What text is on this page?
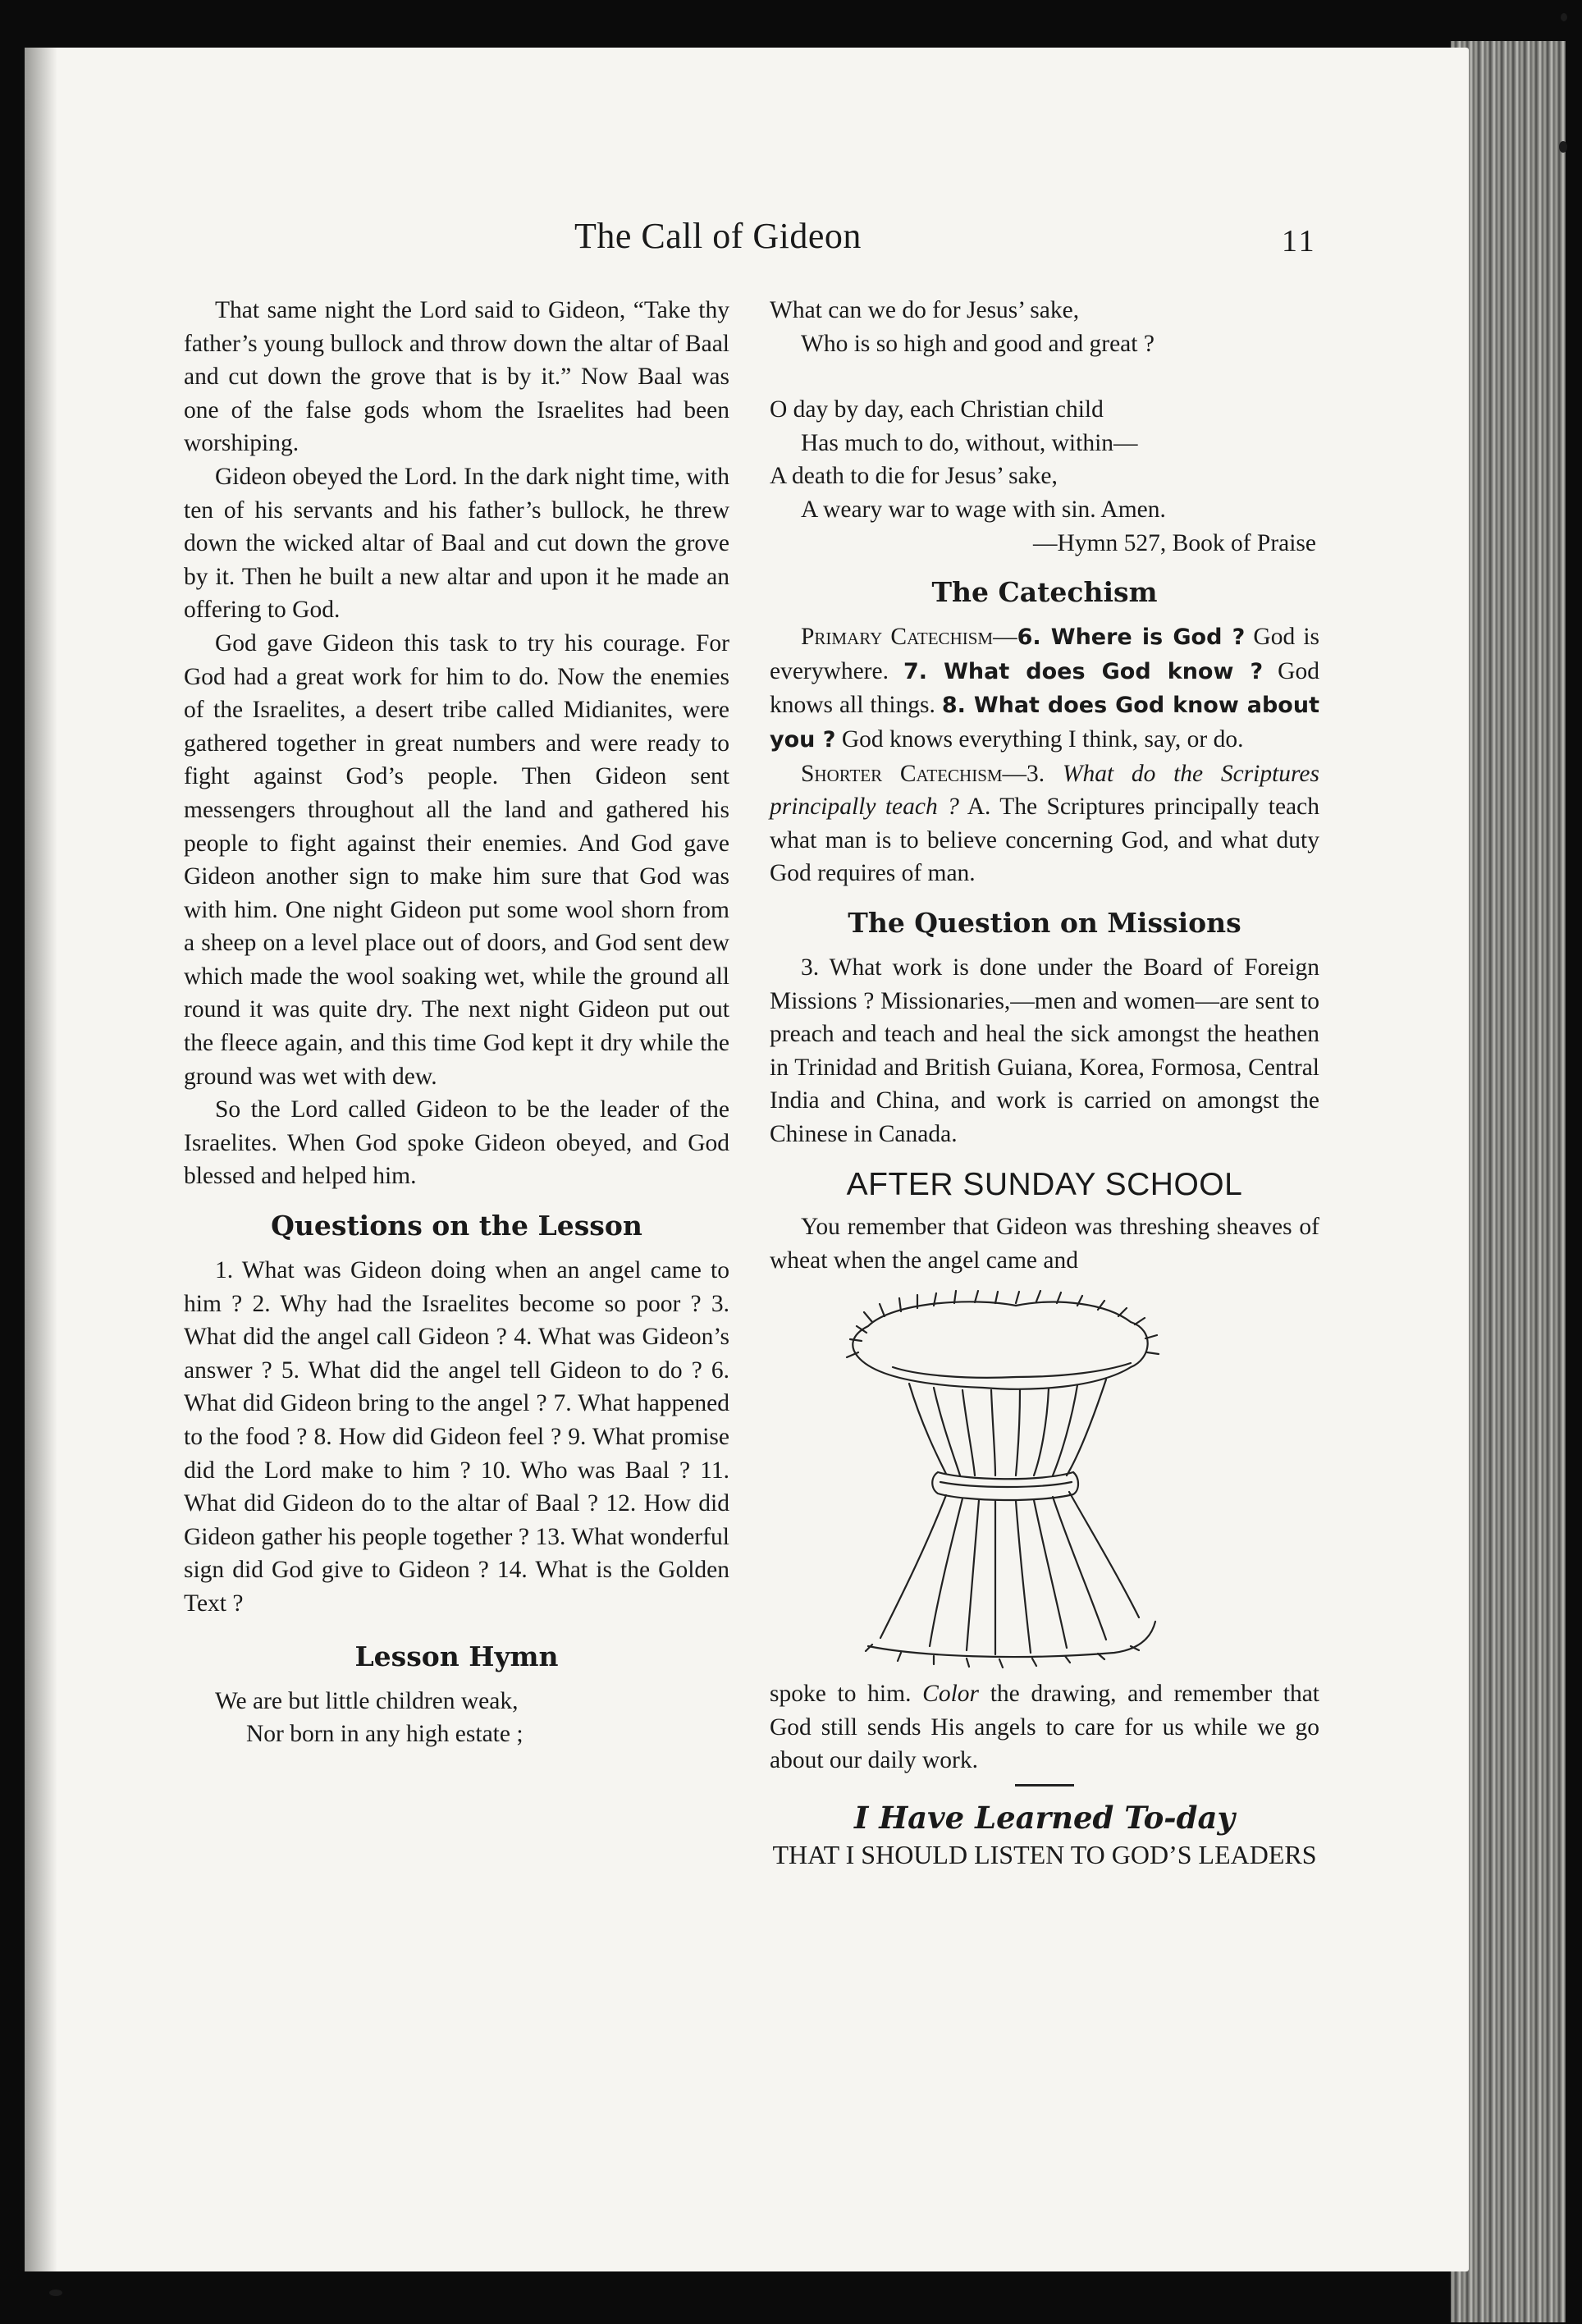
The Call of Gideon	11

That same night the Lord said to Gideon, “Take thy father’s young bullock and throw down the altar of Baal and cut down the grove that is by it.” Now Baal was one of the false gods whom the Israelites had been worshiping.

Gideon obeyed the Lord. In the dark night time, with ten of his servants and his father’s bullock, he threw down the wicked altar of Baal and cut down the grove by it. Then he built a new altar and upon it he made an offering to God.

God gave Gideon this task to try his courage. For God had a great work for him to do. Now the enemies of the Israelites, a desert tribe called Midianites, were gathered together in great numbers and were ready to fight against God’s people. Then Gideon sent messengers throughout all the land and gathered his people to fight against their enemies. And God gave Gideon another sign to make him sure that God was with him. One night Gideon put some wool shorn from a sheep on a level place out of doors, and God sent dew which made the wool soaking wet, while the ground all round it was quite dry. The next night Gideon put out the fleece again, and this time God kept it dry while the ground was wet with dew.

So the Lord called Gideon to be the leader of the Israelites. When God spoke Gideon obeyed, and God blessed and helped him.

Questions on the Lesson

1. What was Gideon doing when an angel came to him ? 2. Why had the Israelites become so poor ? 3. What did the angel call Gideon ? 4. What was Gideon’s answer ? 5. What did the angel tell Gideon to do ? 6. What did Gideon bring to the angel ? 7. What happened to the food ? 8. How did Gideon feel ? 9. What promise did the Lord make to him ? 10. Who was Baal ? 11. What did Gideon do to the altar of Baal ? 12. How did Gideon gather his people together ? 13. What wonderful sign did God give to Gideon ? 14. What is the Golden Text ?

Lesson Hymn
We are but little children weak,
Nor born in any high estate ;
What can we do for Jesus’ sake,
Who is so high and good and great ?
O day by day, each Christian child
Has much to do, without, within—
A death to die for Jesus’ sake,
A weary war to wage with sin. Amen.
—Hymn 527, Book of Praise
The Catechism

Primary Catechism—6. Where is God ? God is everywhere. 7. What does God know ? God knows all things. 8. What does God know about you ? God knows everything I think, say, or do.

Shorter Catechism—3. What do the Scriptures principally teach ? A. The Scriptures principally teach what man is to believe concerning God, and what duty God requires of man.

The Question on Missions

3. What work is done under the Board of Foreign Missions ? Missionaries,—men and women—are sent to preach and teach and heal the sick amongst the heathen in Trinidad and British Guiana, Korea, Formosa, Central India and China, and work is carried on amongst the Chinese in Canada.

AFTER SUNDAY SCHOOL

You remember that Gideon was threshing sheaves of wheat when the angel came and

spoke to him. Color the drawing, and remember that God still sends His angels to care for us while we go about our daily work.

I Have Learned To-day
THAT I SHOULD LISTEN TO GOD’S LEADERS
